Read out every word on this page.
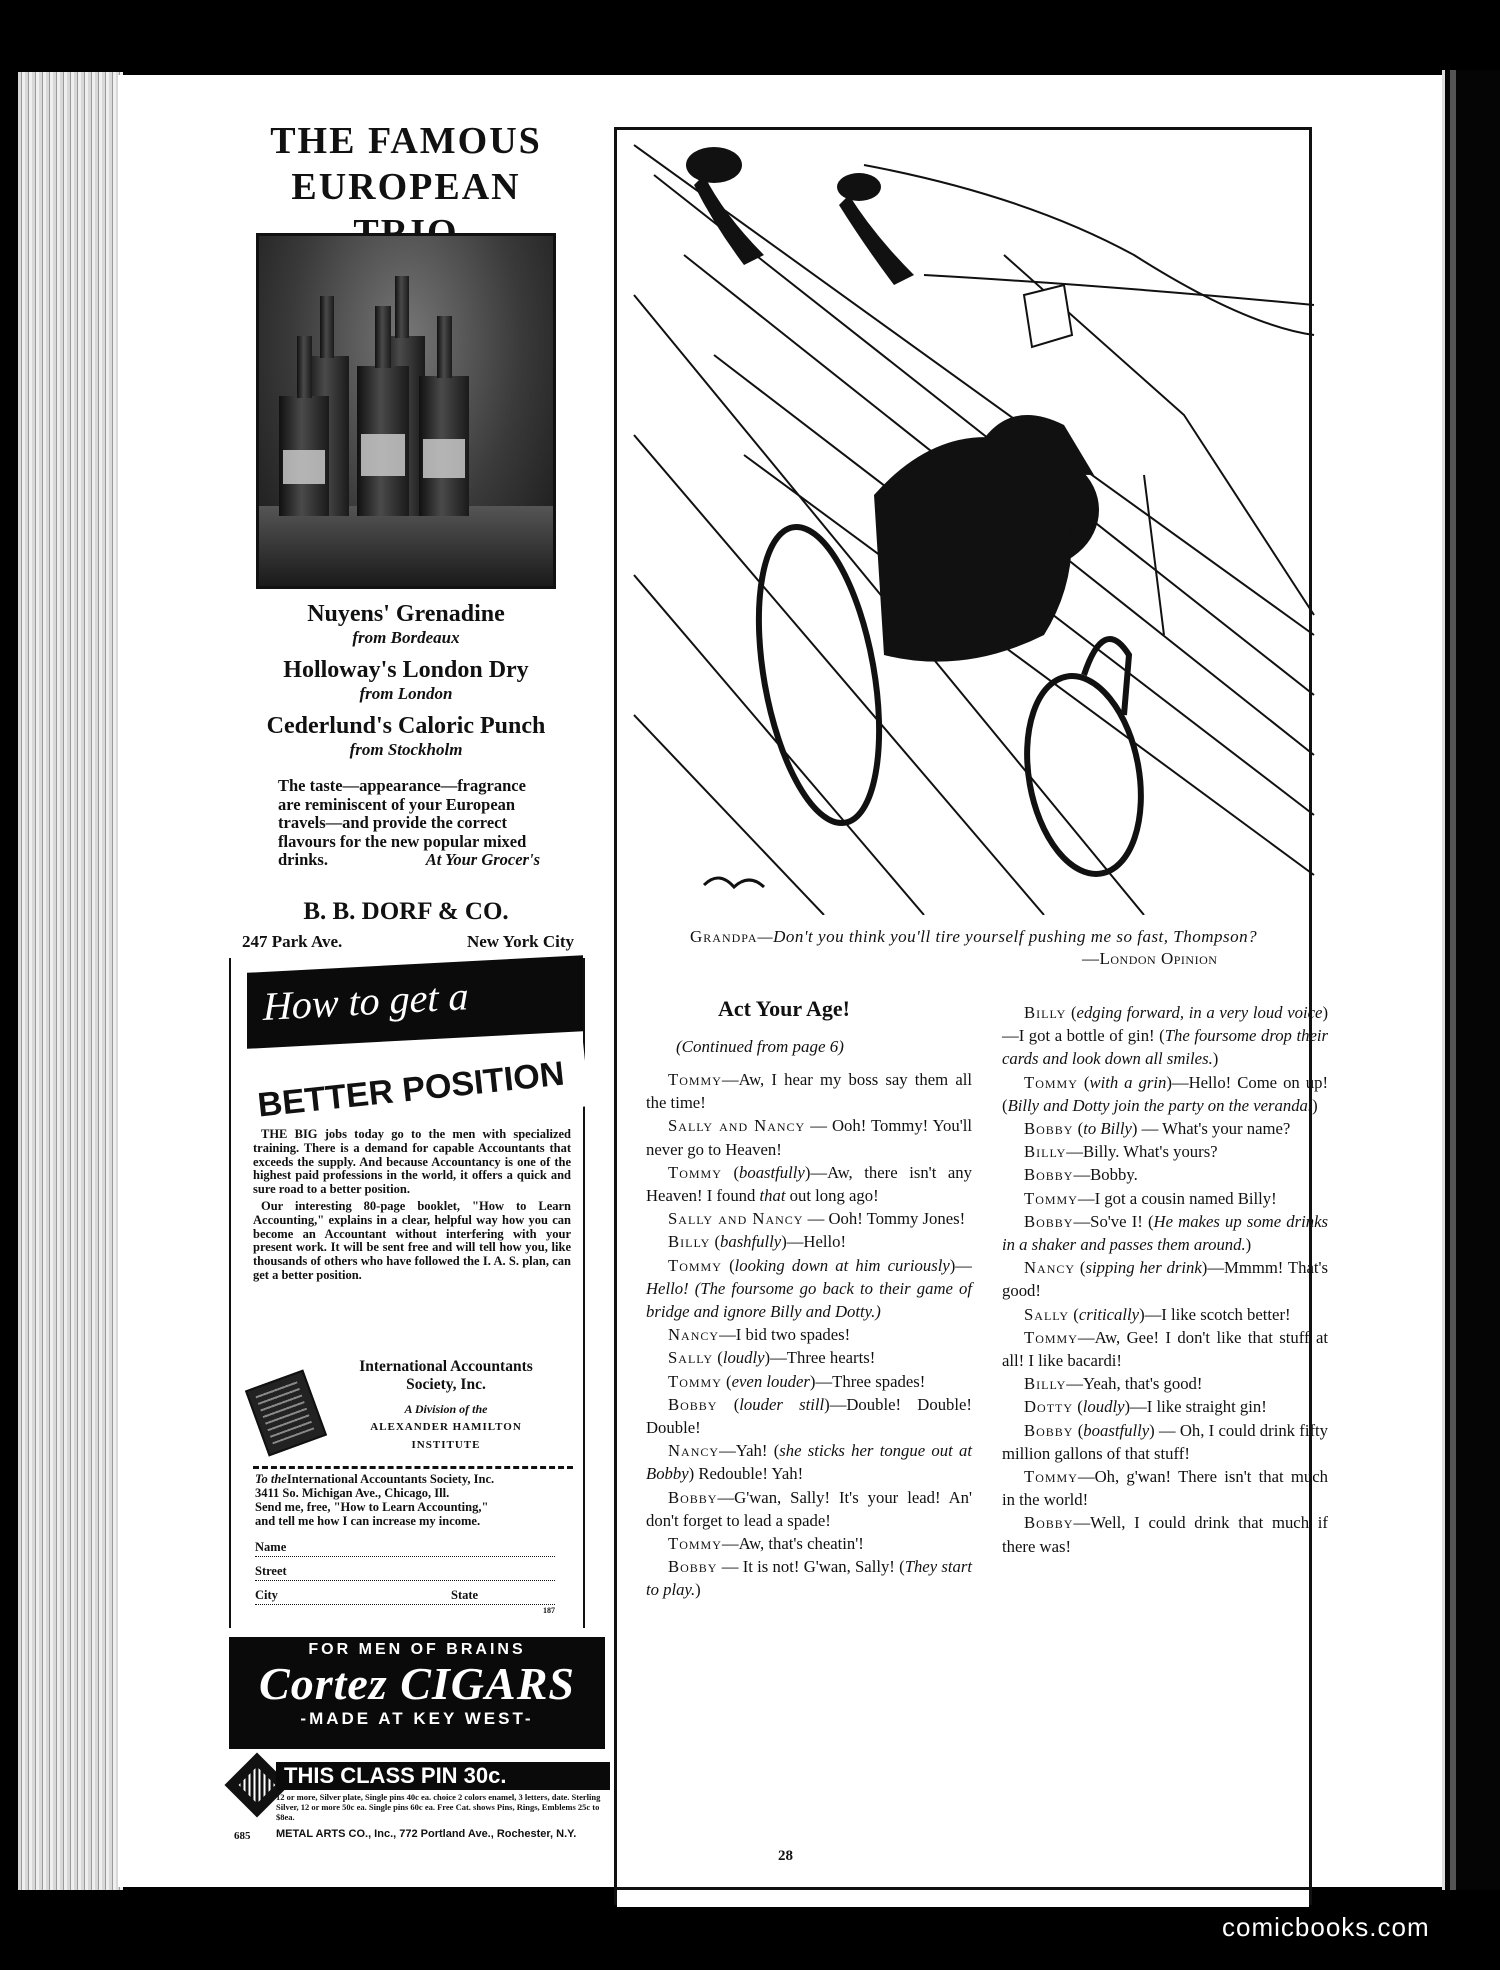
THE FAMOUS
EUROPEAN
Nuyens' Grenadine
from Bordeaux
Holloway's London Dry
from London
Cederlund's Caloric Punch
from Stockholm
The taste—appearance—fragrance are reminiscent of your European travels—and provide the correct flavours for the new popular mixed drinks.	At Your Grocer's
B. B. DORF & CO.
247 Park Ave.	New York City
How to get a
BETTER POSITION

THE BIG jobs today go to the men with specialized training. There is a demand for capable Accountants that exceeds the supply. And because Accountancy is one of the highest paid professions in the world, it offers a quick and sure road to a better position.

Our interesting 80-page booklet, "How to Learn Accounting," explains in a clear, helpful way how you can become an Accountant without interfering with your present work. It will be sent free and will tell how you, like thousands of others who have followed the I. A. S. plan, can get a better position.

International Accountants
Society, Inc.
A Division of the
ALEXANDER HAMILTON
INSTITUTE
To theInternational Accountants Society, Inc.
3411 So. Michigan Ave., Chicago, Ill.
Send me, free, "How to Learn Accounting,"
and tell me how I can increase my income.
Name
Street
City	State
187
FOR MEN OF BRAINS
Cortez CIGARS
-MADE AT KEY WEST-
THIS CLASS PIN 30c.
12 or more, Silver plate, Single pins 40c ea. choice 2 colors enamel, 3 letters, date. Sterling Silver, 12 or more 50c ea. Single pins 60c ea. Free Cat. shows Pins, Rings, Emblems 25c to $8ea.
685 METAL ARTS CO., Inc., 772 Portland Ave., Rochester, N.Y.
Grandpa—Don't you think you'll tire yourself pushing me so fast, Thompson?
—London Opinion
Act Your Age!
(Continued from page 6)

Tommy—Aw, I hear my boss say them all the time!

Sally and Nancy — Ooh! Tommy! You'll never go to Heaven!

Tommy (boastfully)—Aw, there isn't any Heaven! I found that out long ago!

Sally and Nancy — Ooh! Tommy Jones!

Billy (bashfully)—Hello!

Tommy (looking down at him curiously)—Hello! (The foursome go back to their game of bridge and ignore Billy and Dotty.)

Nancy—I bid two spades!

Sally (loudly)—Three hearts!

Tommy (even louder)—Three spades!

Bobby (louder still)—Double! Double! Double!

Nancy—Yah! (she sticks her tongue out at Bobby) Redouble! Yah!

Bobby—G'wan, Sally! It's your lead! An' don't forget to lead a spade!

Tommy—Aw, that's cheatin'!

Bobby — It is not! G'wan, Sally! (They start to play.)

Billy (edging forward, in a very loud voice)—I got a bottle of gin! (The foursome drop their cards and look down all smiles.)

Tommy (with a grin)—Hello! Come on up! (Billy and Dotty join the party on the veranda.)

Bobby (to Billy) — What's your name?

Billy—Billy. What's yours?

Bobby—Bobby.

Tommy—I got a cousin named Billy!

Bobby—So've I! (He makes up some drinks in a shaker and passes them around.)

Nancy (sipping her drink)—Mmmm! That's good!

Sally (critically)—I like scotch better!

Tommy—Aw, Gee! I don't like that stuff at all! I like bacardi!

Billy—Yeah, that's good!

Dotty (loudly)—I like straight gin!

Bobby (boastfully) — Oh, I could drink fifty million gallons of that stuff!

Tommy—Oh, g'wan! There isn't that much in the world!

Bobby—Well, I could drink that much if there was!

28
comicbooks.com
